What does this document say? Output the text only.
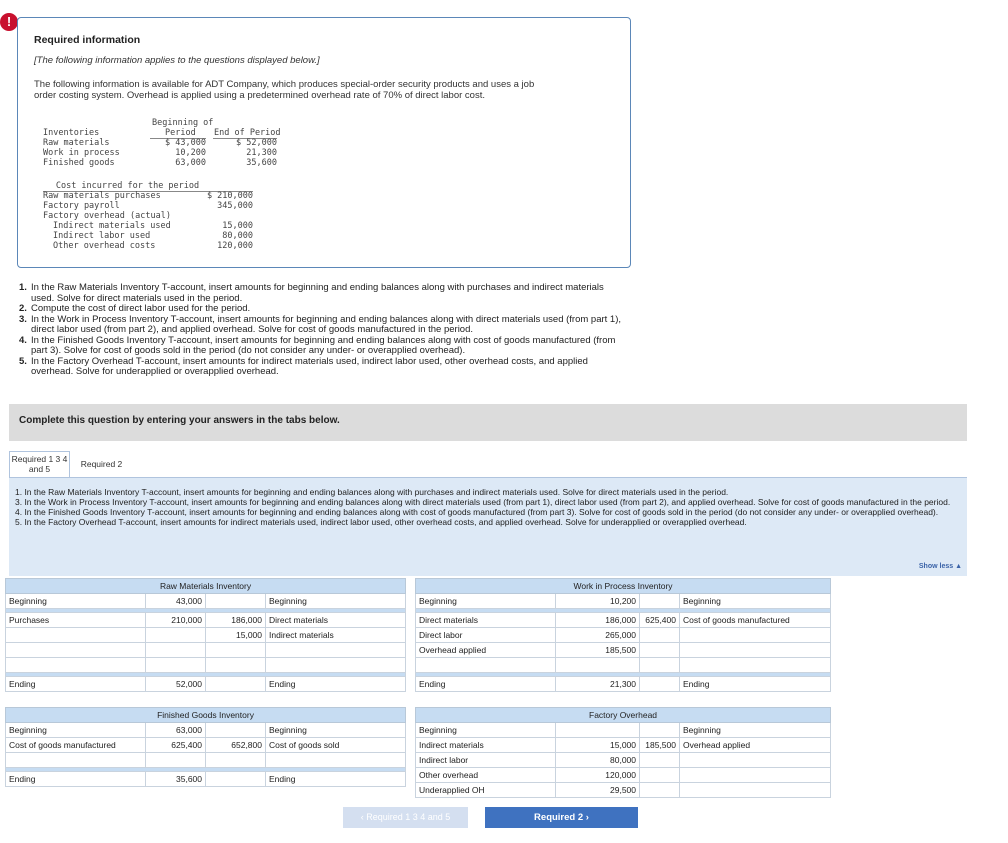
!
Required information
[The following information applies to the questions displayed below.]
The following information is available for ADT Company, which produces special-order security products and uses a job
order costing system. Overhead is applied using a predetermined overhead rate of 70% of direct labor cost.
Beginning of
Inventories	Period End of Period
Raw materials	$ 43,000	$ 52,000
Work in process	10,200	21,300
Finished goods	63,000	35,600
Cost incurred for the period
Raw materials purchases	$ 210,000
Factory payroll	345,000
Factory overhead (actual)
Indirect materials used	15,000
Indirect labor used	80,000
Other overhead costs	120,000
1. In the Raw Materials Inventory T-account, insert amounts for beginning and ending balances along with purchases and indirect materials used. Solve for direct materials used in the period.
2. Compute the cost of direct labor used for the period.
3. In the Work in Process Inventory T-account, insert amounts for beginning and ending balances along with direct materials used (from part 1), direct labor used (from part 2), and applied overhead. Solve for cost of goods manufactured in the period.
4. In the Finished Goods Inventory T-account, insert amounts for beginning and ending balances along with cost of goods manufactured (from part 3). Solve for cost of goods sold in the period (do not consider any under- or overapplied overhead).
5. In the Factory Overhead T-account, insert amounts for indirect materials used, indirect labor used, other overhead costs, and applied overhead. Solve for underapplied or overapplied overhead.
Complete this question by entering your answers in the tabs below.
Required 1 3 4
and 5	Required 2
1. In the Raw Materials Inventory T-account, insert amounts for beginning and ending balances along with purchases and indirect materials used. Solve for direct materials used in the period.
3. In the Work in Process Inventory T-account, insert amounts for beginning and ending balances along with direct materials used (from part 1), direct labor used (from part 2), and applied overhead. Solve for cost of goods manufactured in the period.
4. In the Finished Goods Inventory T-account, insert amounts for beginning and ending balances along with cost of goods manufactured (from part 3). Solve for cost of goods sold in the period (do not consider any under- or overapplied overhead).
5. In the Factory Overhead T-account, insert amounts for indirect materials used, indirect labor used, other overhead costs, and applied overhead. Solve for underapplied or overapplied overhead.
Show less ▲
Raw Materials Inventory			
Beginning	43,000		Beginning

Purchases	210,000	186,000	Direct materials
		15,000	Indirect materials

Ending	52,000		Ending
Work in Process Inventory			
Beginning	10,200		Beginning

Direct materials	186,000	625,400	Cost of goods manufactured
Direct labor	265,000		
Overhead applied	185,500		

Ending	21,300		Ending
Finished Goods Inventory			
Beginning	63,000		Beginning
Cost of goods manufactured	625,400	652,800	Cost of goods sold

Ending	35,600		Ending
Factory Overhead			
Beginning			Beginning
Indirect materials	15,000	185,500	Overhead applied
Indirect labor	80,000		
Other overhead	120,000		
Underapplied OH	29,500		
‹ Required 1 3 4 and 5	Required 2 ›
